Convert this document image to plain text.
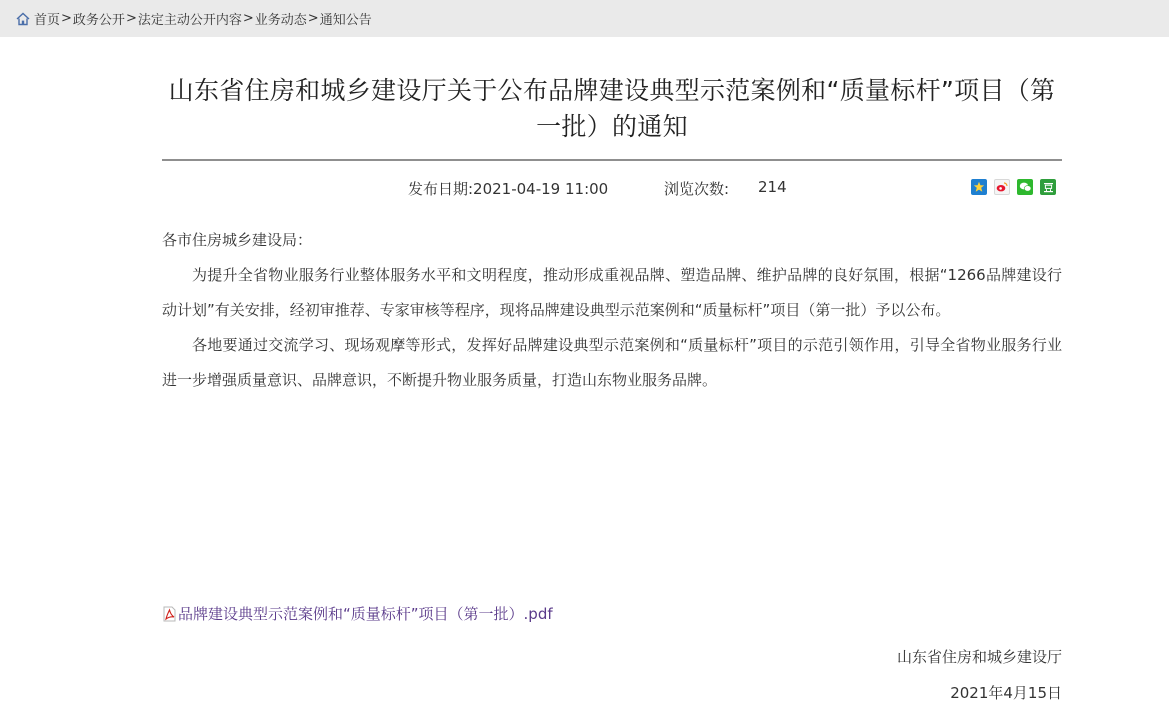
首页 > 政务公开 > 法定主动公开内容 > 业务动态 > 通知公告
山东省住房和城乡建设厅关于公布品牌建设典型示范案例和“质量标杆”项目（第一批）的通知
发布日期:2021-04-19 11:00	浏览次数: 214

各市住房城乡建设局：

为提升全省物业服务行业整体服务水平和文明程度，推动形成重视品牌、塑造品牌、维护品牌的良好氛围，根据“1266品牌建设行动计划”有关安排，经初审推荐、专家审核等程序，现将品牌建设典型示范案例和“质量标杆”项目（第一批）予以公布。

各地要通过交流学习、现场观摩等形式，发挥好品牌建设典型示范案例和“质量标杆”项目的示范引领作用，引导全省物业服务行业进一步增强质量意识、品牌意识，不断提升物业服务质量，打造山东物业服务品牌。

品牌建设典型示范案例和“质量标杆”项目（第一批）.pdf
山东省住房和城乡建设厅
2021年4月15日
